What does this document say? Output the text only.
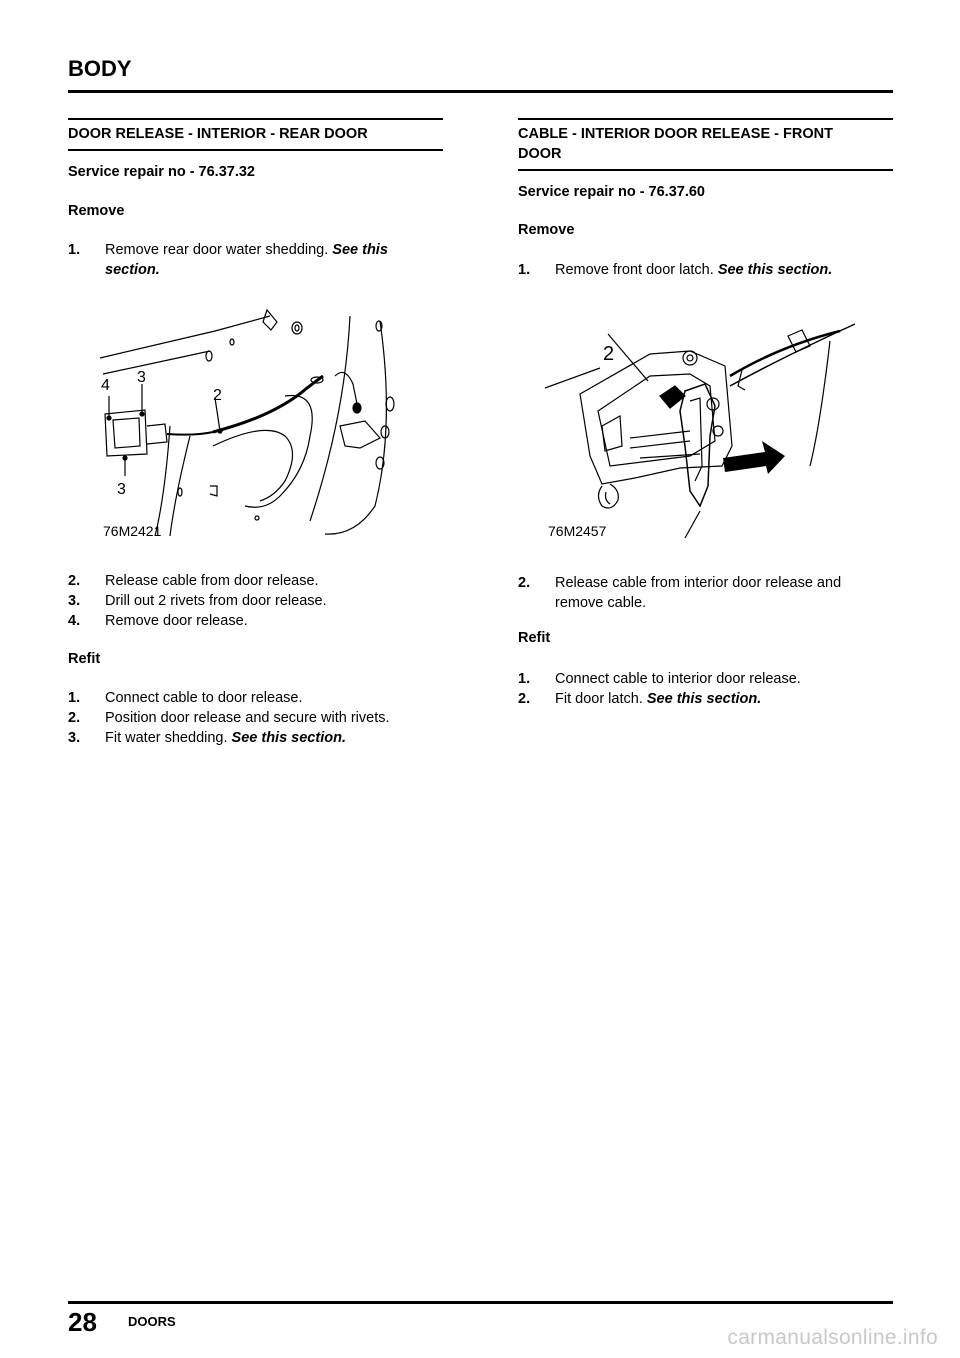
BODY
DOOR RELEASE - INTERIOR - REAR DOOR
Service repair no - 76.37.32
Remove
1. Remove rear door water shedding. See this section.
4 3
2
3
76M2421
2. Release cable from door release.
3. Drill out 2 rivets from door release.
4. Remove door release.
Refit
1. Connect cable to door release.
2. Position door release and secure with rivets.
3. Fit water shedding. See this section.
CABLE - INTERIOR DOOR RELEASE - FRONT DOOR
Service repair no - 76.37.60
Remove
1. Remove front door latch. See this section.
2
76M2457
2. Release cable from interior door release and remove cable.
Refit
1. Connect cable to interior door release.
2. Fit door latch. See this section.
28 DOORS
carmanualsonline.info
